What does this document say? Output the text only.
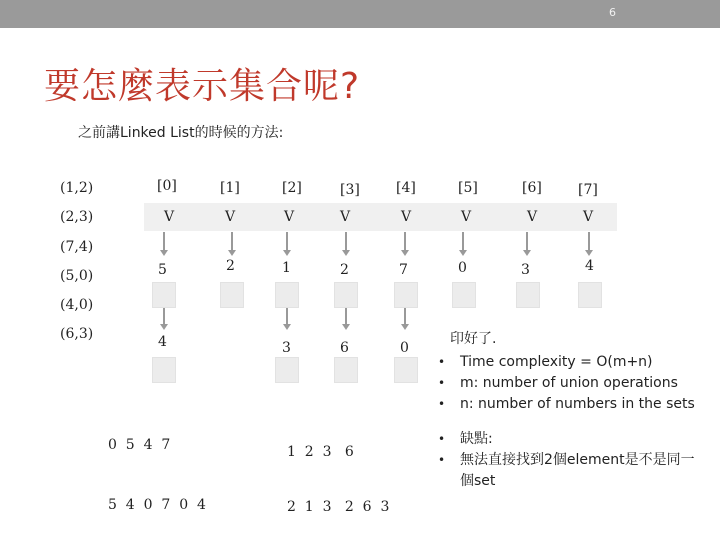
6
要怎麼表示集合呢?
之前講Linked List的時候的方法:
(1,2)
(2,3)
(7,4)
(5,0)
(4,0)
(6,3)
[0]	[1]	[2]	[3]	[4]	[5]	[6]	[7]
V	V	V	V	V	V	V	V
5	2	1	2	7	0	3	4
4	3	6	0
印好了.
0  5  4  7
5  4  0  7  0  4
1  2  3   6
2  1  3   2  6  3
•	Time complexity = O(m+n)
•	m: number of union operations
•	n: number of numbers in the sets
•	缺點:
•	無法直接找到2個element是不是同一個set
